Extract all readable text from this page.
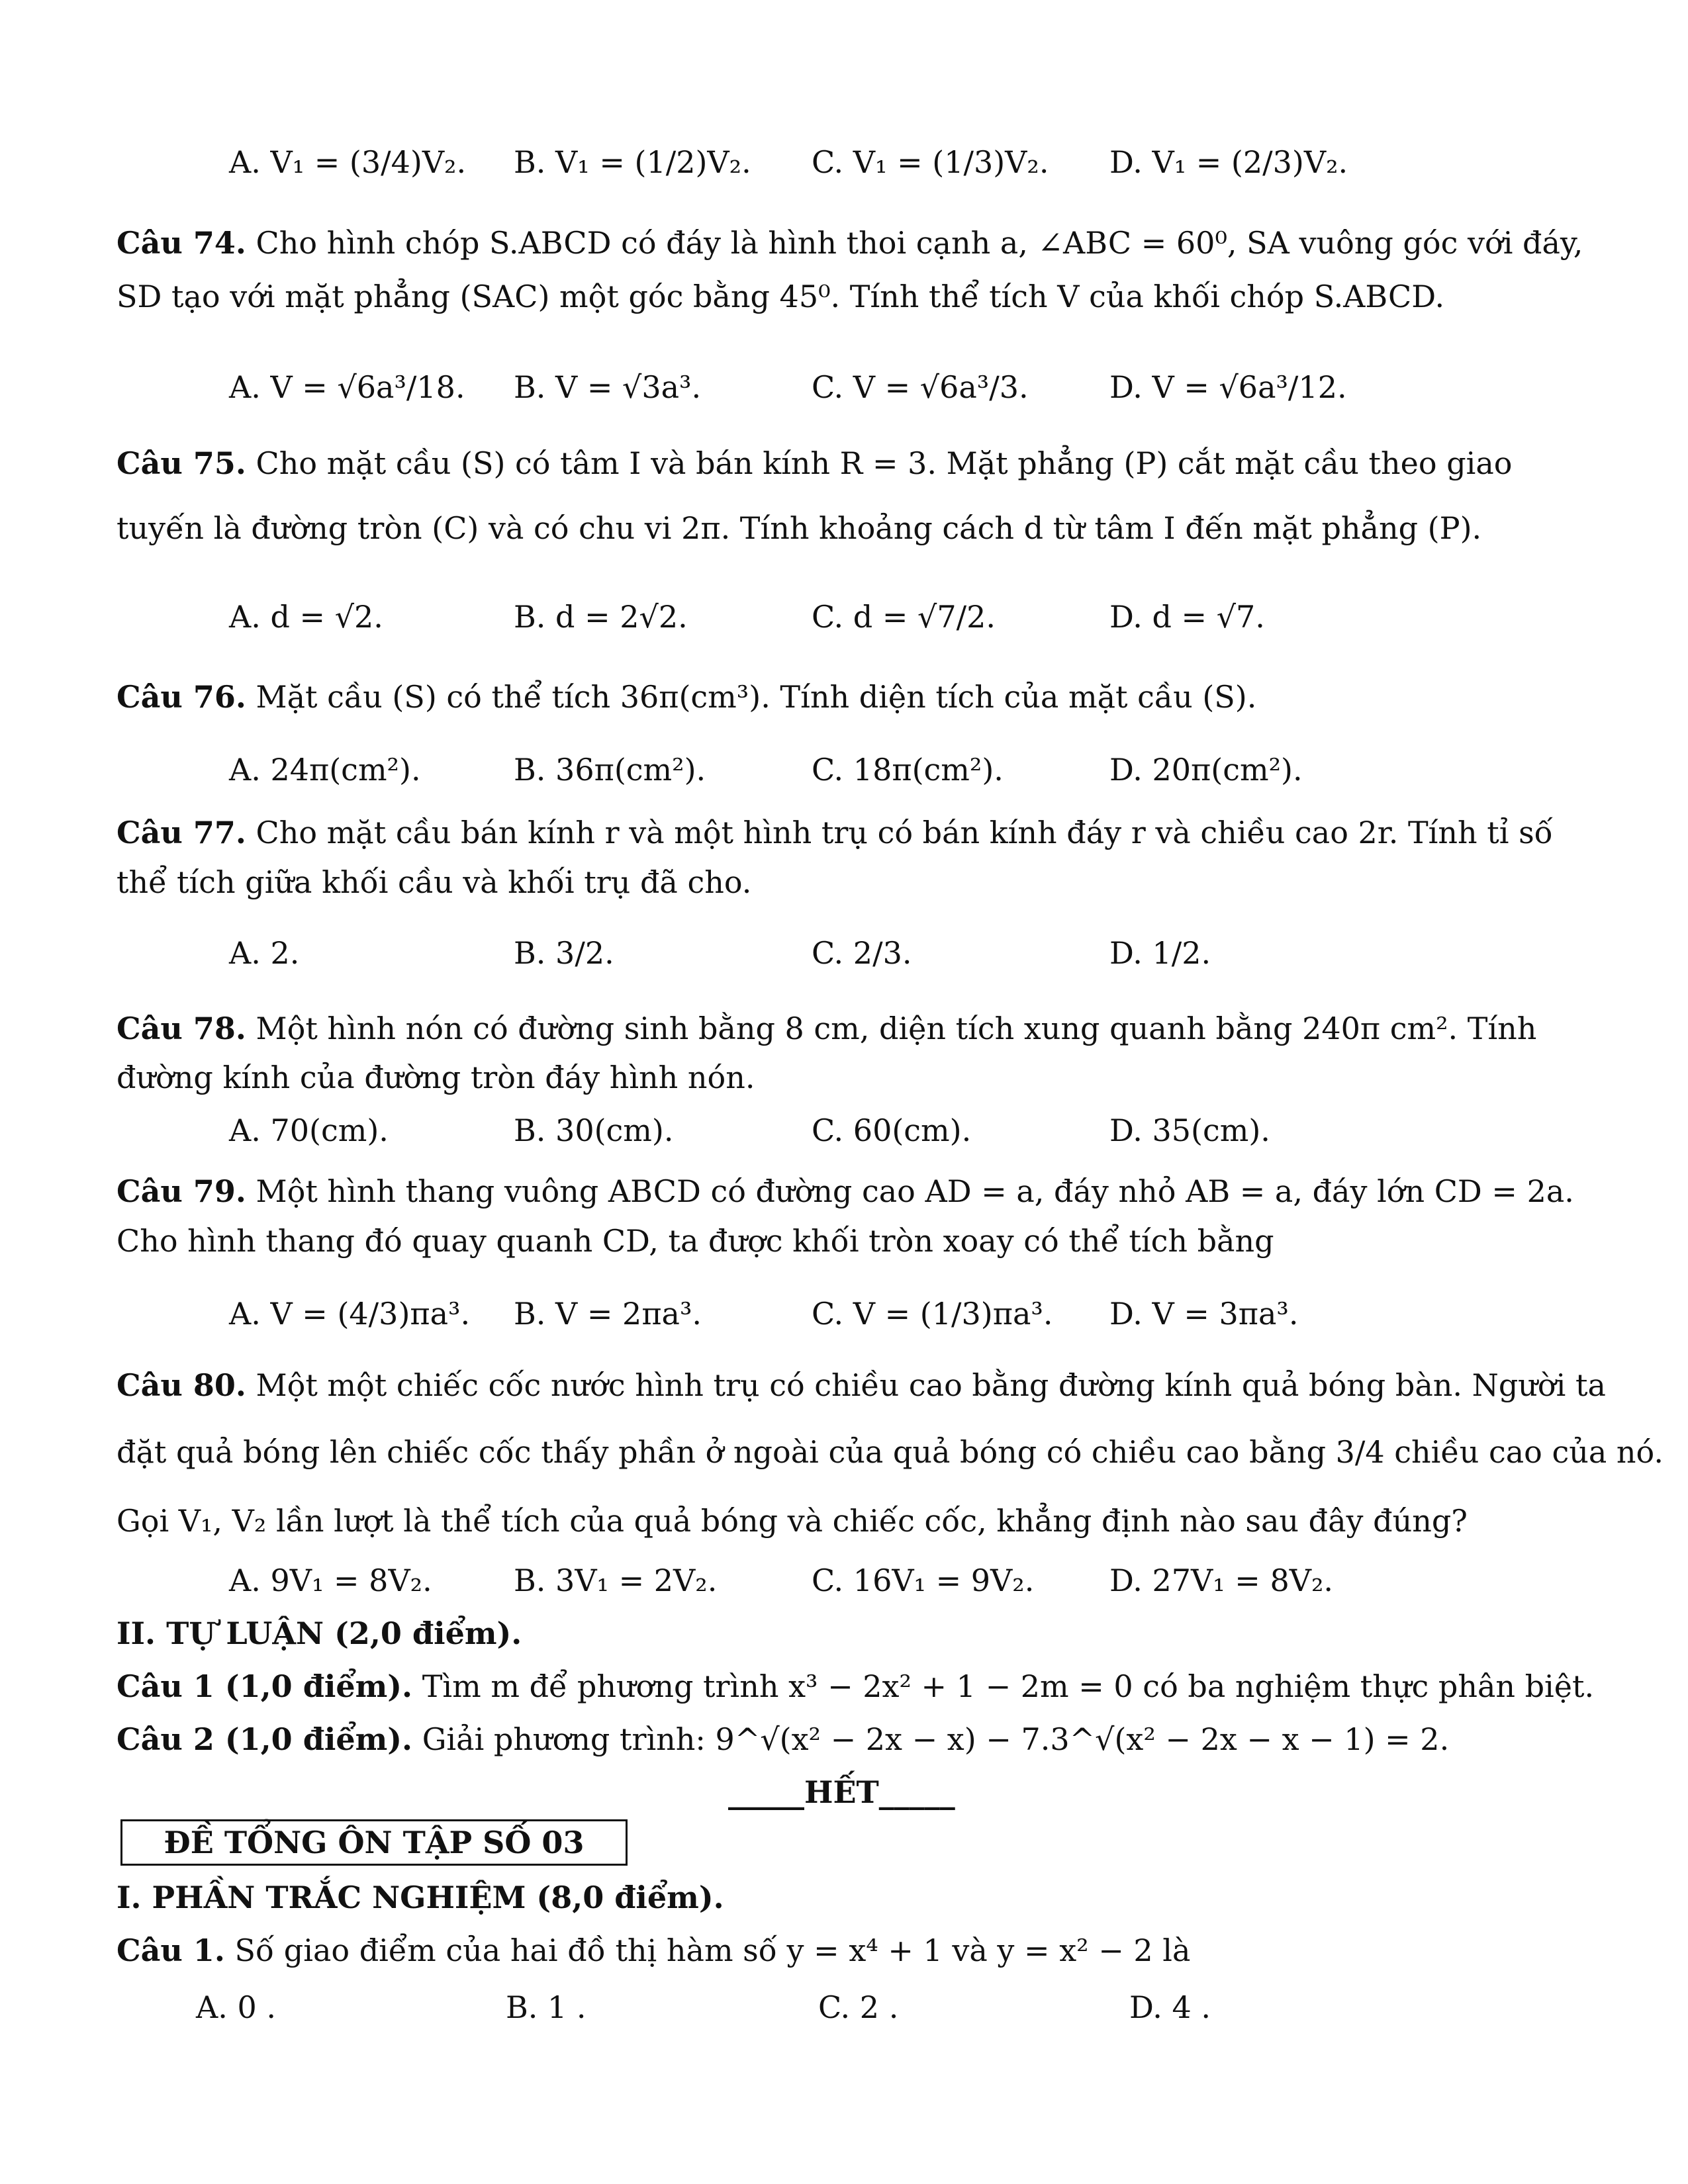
A. V₁ = (3/4)V₂. B. V₁ = (1/2)V₂. C. V₁ = (1/3)V₂. D. V₁ = (2/3)V₂.
Câu 74. Cho hình chóp S.ABCD có đáy là hình thoi cạnh a, ∠ABC = 60⁰, SA vuông góc với đáy,
SD tạo với mặt phẳng (SAC) một góc bằng 45⁰. Tính thể tích V của khối chóp S.ABCD.
A. V = √6a³/18. B. V = √3a³.	C. V = √6a³/3.	D. V = √6a³/12.
Câu 75. Cho mặt cầu (S) có tâm I và bán kính R = 3. Mặt phẳng (P) cắt mặt cầu theo giao
tuyến là đường tròn (C) và có chu vi 2π. Tính khoảng cách d từ tâm I đến mặt phẳng (P).
A. d = √2.	B. d = 2√2.	C. d = √7/2.	D. d = √7.
Câu 76. Mặt cầu (S) có thể tích 36π(cm³). Tính diện tích của mặt cầu (S).
A. 24π(cm²).	B. 36π(cm²).	C. 18π(cm²).	D. 20π(cm²).
Câu 77. Cho mặt cầu bán kính r và một hình trụ có bán kính đáy r và chiều cao 2r. Tính tỉ số
thể tích giữa khối cầu và khối trụ đã cho.
A. 2.	B. 3/2.	C. 2/3.	D. 1/2.
Câu 78. Một hình nón có đường sinh bằng 8 cm, diện tích xung quanh bằng 240π cm². Tính
đường kính của đường tròn đáy hình nón.
A. 70(cm).	B. 30(cm).	C. 60(cm).	D. 35(cm).
Câu 79. Một hình thang vuông ABCD có đường cao AD = a, đáy nhỏ AB = a, đáy lớn CD = 2a.
Cho hình thang đó quay quanh CD, ta được khối tròn xoay có thể tích bằng
A. V = (4/3)πa³. B. V = 2πa³.	C. V = (1/3)πa³. D. V = 3πa³.
Câu 80. Một một chiếc cốc nước hình trụ có chiều cao bằng đường kính quả bóng bàn. Người ta
đặt quả bóng lên chiếc cốc thấy phần ở ngoài của quả bóng có chiều cao bằng 3/4 chiều cao của nó.
Gọi V₁, V₂ lần lượt là thể tích của quả bóng và chiếc cốc, khẳng định nào sau đây đúng?
A. 9V₁ = 8V₂.	B. 3V₁ = 2V₂.	C. 16V₁ = 9V₂. D. 27V₁ = 8V₂.
II. TỰ LUẬN (2,0 điểm).
Câu 1 (1,0 điểm). Tìm m để phương trình x³ − 2x² + 1 − 2m = 0 có ba nghiệm thực phân biệt.
Câu 2 (1,0 điểm). Giải phương trình: 9^√(x² − 2x − x) − 7.3^√(x² − 2x − x − 1) = 2.
_____HẾT_____
ĐỀ TỔNG ÔN TẬP SỐ 03
I. PHẦN TRẮC NGHIỆM (8,0 điểm).
Câu 1. Số giao điểm của hai đồ thị hàm số y = x⁴ + 1 và y = x² − 2 là
A. 0 .	B. 1 .	C. 2 .	D. 4 .
